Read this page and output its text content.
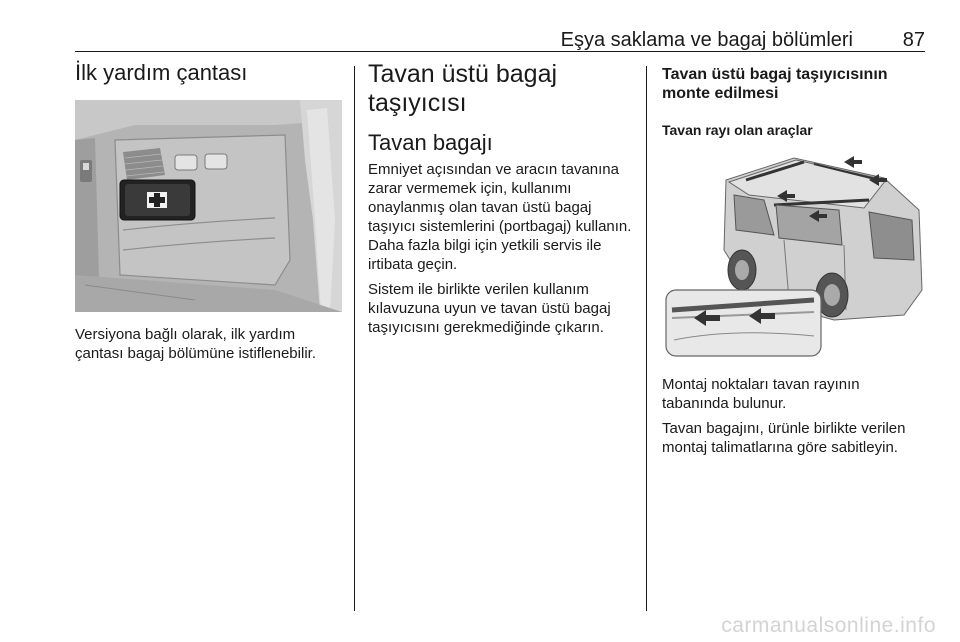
Eşya saklama ve bagaj bölümleri 87
İlk yardım çantası

Versiyona bağlı olarak, ilk yardım çantası bagaj bölümüne istiflenebilir.

Tavan üstü bagaj taşıyıcısı
Tavan bagajı

Emniyet açısından ve aracın tavanına zarar vermemek için, kullanımı onaylanmış olan tavan üstü bagaj taşıyıcı sistemlerini (portbagaj) kullanın. Daha fazla bilgi için yetkili servis ile irtibata geçin.

Sistem ile birlikte verilen kullanım kılavuzuna uyun ve tavan üstü bagaj taşıyıcısını gerekmediğinde çıkarın.

Tavan üstü bagaj taşıyıcısının monte edilmesi
Tavan rayı olan araçlar

Montaj noktaları tavan rayının tabanında bulunur.

Tavan bagajını, ürünle birlikte verilen montaj talimatlarına göre sabitleyin.

carmanualsonline.info
